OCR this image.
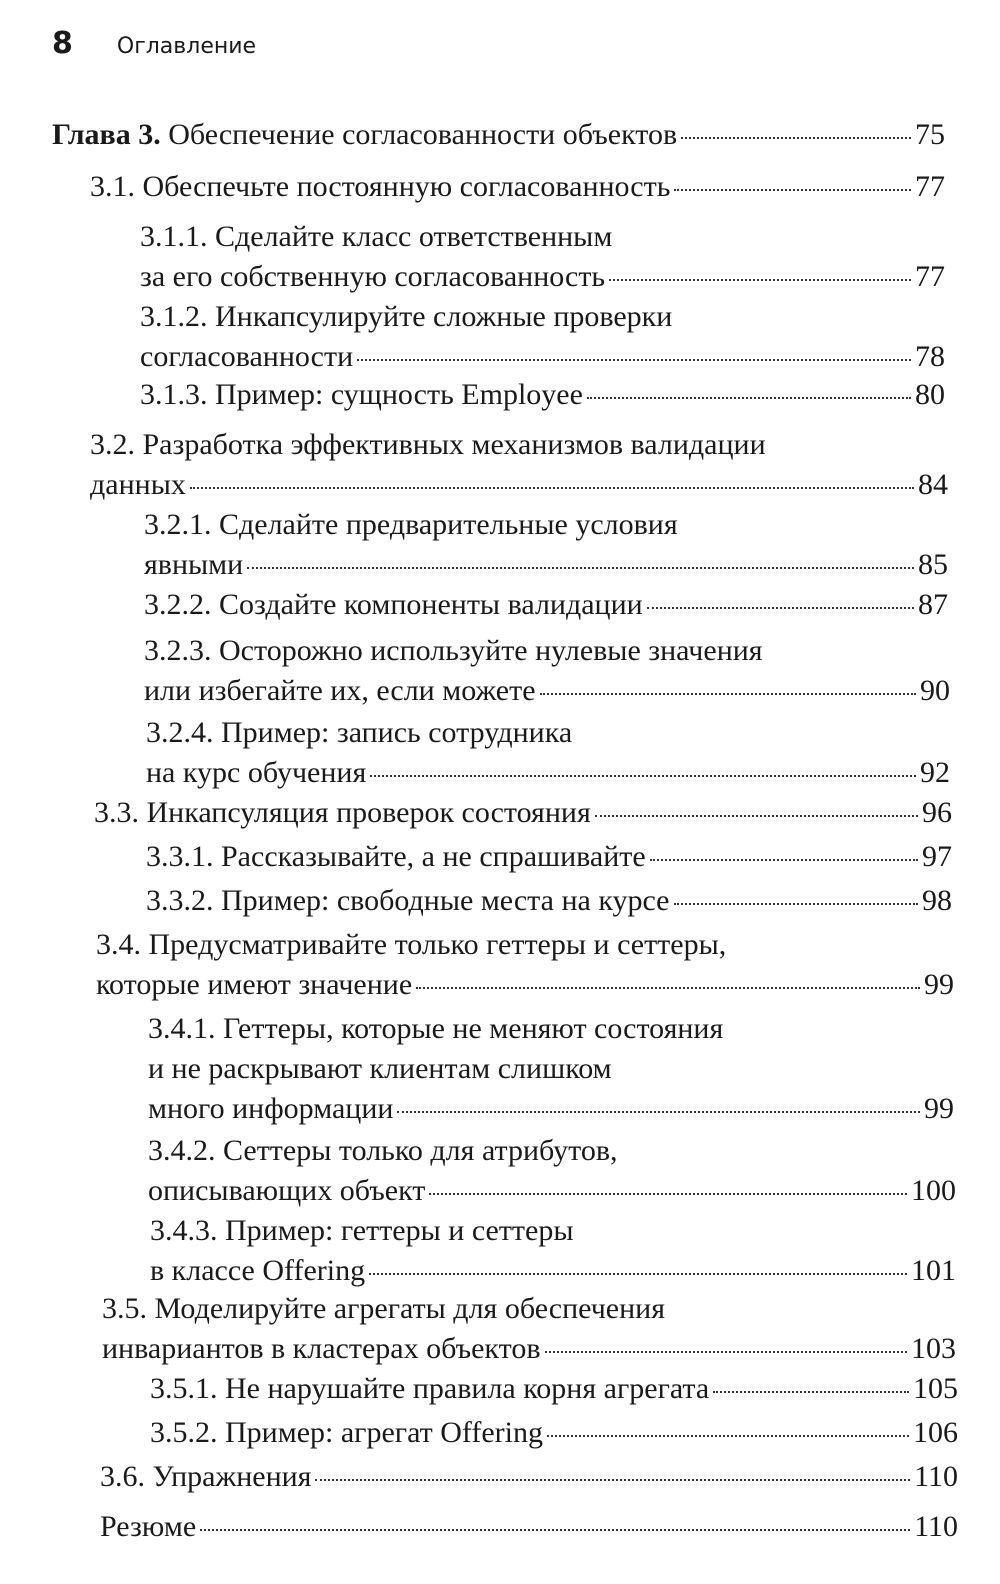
8 Оглавление
Глава 3. Обеспечение согласованности объектов	75
3.1. Обеспечьте постоянную согласованность	77
3.1.1. Сделайте класс ответственным
за его собственную согласованность	77
3.1.2. Инкапсулируйте сложные проверки
согласованности	78
3.1.3. Пример: сущность Employee	80
3.2. Разработка эффективных механизмов валидации
данных	84
3.2.1. Сделайте предварительные условия
явными	85
3.2.2. Создайте компоненты валидации	87
3.2.3. Осторожно используйте нулевые значения
или избегайте их, если можете	90
3.2.4. Пример: запись сотрудника
на курс обучения	92
3.3. Инкапсуляция проверок состояния	96
3.3.1. Рассказывайте, а не спрашивайте	97
3.3.2. Пример: свободные места на курсе	98
3.4. Предусматривайте только геттеры и сеттеры,
которые имеют значение	99
3.4.1. Геттеры, которые не меняют состояния
и не раскрывают клиентам слишком
много информации	99
3.4.2. Сеттеры только для атрибутов,
описывающих объект	100
3.4.3. Пример: геттеры и сеттеры
в классе Offering	101
3.5. Моделируйте агрегаты для обеспечения
инвариантов в кластерах объектов	103
3.5.1. Не нарушайте правила корня агрегата	105
3.5.2. Пример: агрегат Offering	106
3.6. Упражнения	110
Резюме	110
